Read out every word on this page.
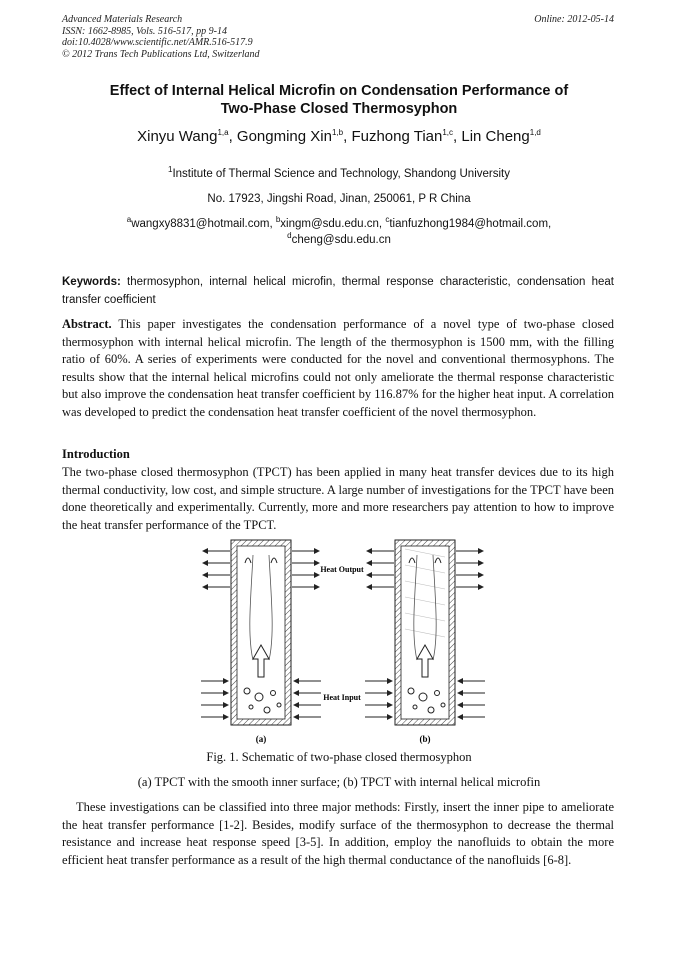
Advanced Materials Research
ISSN: 1662-8985, Vols. 516-517, pp 9-14
doi:10.4028/www.scientific.net/AMR.516-517.9
© 2012 Trans Tech Publications Ltd, Switzerland
Online: 2012-05-14
Effect of Internal Helical Microfin on Condensation Performance of
Two-Phase Closed Thermosyphon
Xinyu Wang$^{1,a}$, Gongming Xin$^{1,b}$, Fuzhong Tian$^{1,c}$, Lin Cheng$^{1,d}$
$^1$Institute of Thermal Science and Technology, Shandong University
No. 17923, Jingshi Road, Jinan, 250061, P R China
$^a$wangxy8831@hotmail.com, $^b$xingm@sdu.edu.cn, $^c$tianfuzhong1984@hotmail.com,
$^d$cheng@sdu.edu.cn
Keywords: thermosyphon, internal helical microfin, thermal response characteristic, condensation heat transfer coefficient
Abstract. This paper investigates the condensation performance of a novel type of two-phase closed thermosyphon with internal helical microfin. The length of the thermosyphon is 1500 mm, with the filling ratio of 60%. A series of experiments were conducted for the novel and conventional thermosyphons. The results show that the internal helical microfins could not only ameliorate the thermal response characteristic but also improve the condensation heat transfer coefficient by 116.87% for the higher heat input. A correlation was developed to predict the condensation heat transfer coefficient of the novel thermosyphon.
Introduction
The two-phase closed thermosyphon (TPCT) has been applied in many heat transfer devices due to its high thermal conductivity, low cost, and simple structure. A large number of investigations for the TPCT have been done theoretically and experimentally. Currently, more and more researchers pay attention to how to improve the heat transfer performance of the TPCT.
Heat Output
Heat Input
(a)	(b)
Fig. 1. Schematic of two-phase closed thermosyphon
(a) TPCT with the smooth inner surface; (b) TPCT with internal helical microfin
These investigations can be classified into three major methods: Firstly, insert the inner pipe to ameliorate the heat transfer performance [1-2]. Besides, modify surface of the thermosyphon to decrease the thermal resistance and increase heat response speed [3-5]. In addition, employ the nanofluids to obtain the more efficient heat transfer performance as a result of the high thermal conductance of the nanofluids [6-8].
